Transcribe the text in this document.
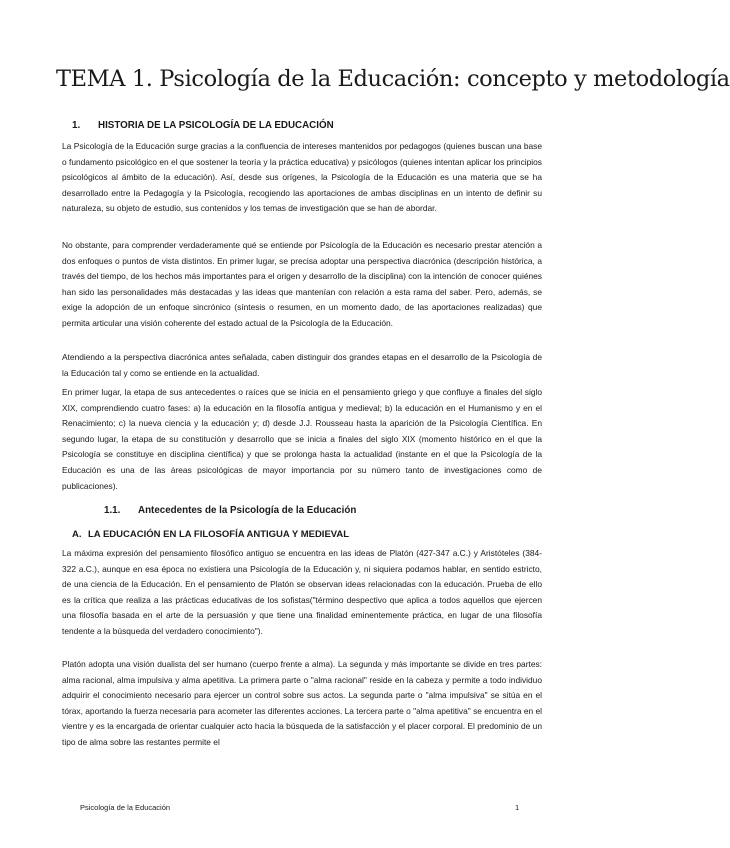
TEMA 1. Psicología de la Educación: concepto y metodología
1. HISTORIA DE LA PSICOLOGÍA DE LA EDUCACIÓN

La Psicología de la Educación surge gracias a la confluencia de intereses mantenidos por pedagogos (quienes buscan una base o fundamento psicológico en el que sostener la teoría y la práctica educativa) y psicólogos (quienes intentan aplicar los principios psicológicos al ámbito de la educación). Así, desde sus orígenes, la Psicología de la Educación es una materia que se ha desarrollado entre la Pedagogía y la Psicología, recogiendo las aportaciones de ambas disciplinas en un intento de definir su naturaleza, su objeto de estudio, sus contenidos y los temas de investigación que se han de abordar.

No obstante, para comprender verdaderamente qué se entiende por Psicología de la Educación es necesario prestar atención a dos enfoques o puntos de vista distintos. En primer lugar, se precisa adoptar una perspectiva diacrónica (descripción histórica, a través del tiempo, de los hechos más importantes para el origen y desarrollo de la disciplina) con la intención de conocer quiénes han sido las personalidades más destacadas y las ideas que mantenían con relación a esta rama del saber. Pero, además, se exige la adopción de un enfoque sincrónico (síntesis o resumen, en un momento dado, de las aportaciones realizadas) que permita articular una visión coherente del estado actual de la Psicología de la Educación.

Atendiendo a la perspectiva diacrónica antes señalada, caben distinguir dos grandes etapas en el desarrollo de la Psicología de la Educación tal y como se entiende en la actualidad.

En primer lugar, la etapa de sus antecedentes o raíces que se inicia en el pensamiento griego y que confluye a finales del siglo XIX, comprendiendo cuatro fases: a) la educación en la filosofía antigua y medieval; b) la educación en el Humanismo y en el Renacimiento; c) la nueva ciencia y la educación y; d) desde J.J. Rousseau hasta la aparición de la Psicología Científica. En segundo lugar, la etapa de su constitución y desarrollo que se inicia a finales del siglo XIX (momento histórico en el que la Psicología se constituye en disciplina científica) y que se prolonga hasta la actualidad (instante en el que la Psicología de la Educación es una de las áreas psicológicas de mayor importancia por su número tanto de investigaciones como de publicaciones).

1.1. Antecedentes de la Psicología de la Educación
A. LA EDUCACIÓN EN LA FILOSOFÍA ANTIGUA Y MEDIEVAL

La máxima expresión del pensamiento filosófico antiguo se encuentra en las ideas de Platón (427-347 a.C.) y Aristóteles (384-322 a.C.), aunque en esa época no existiera una Psicología de la Educación y, ni siquiera podamos hablar, en sentido estricto, de una ciencia de la Educación. En el pensamiento de Platón se observan ideas relacionadas con la educación. Prueba de ello es la crítica que realiza a las prácticas educativas de los sofistas("término despectivo que aplica a todos aquellos que ejercen una filosofía basada en el arte de la persuasión y que tiene una finalidad eminentemente práctica, en lugar de una filosofía tendente a la búsqueda del verdadero conocimiento").

Platón adopta una visión dualista del ser humano (cuerpo frente a alma). La segunda y más importante se divide en tres partes: alma racional, alma impulsiva y alma apetitiva. La primera parte o "alma racional" reside en la cabeza y permite a todo individuo adquirir el conocimiento necesario para ejercer un control sobre sus actos. La segunda parte o "alma impulsiva" se sitúa en el tórax, aportando la fuerza necesaria para acometer las diferentes acciones. La tercera parte o "alma apetitiva" se encuentra en el vientre y es la encargada de orientar cualquier acto hacia la búsqueda de la satisfacción y el placer corporal. El predominio de un tipo de alma sobre las restantes permite el

Psicología de la Educación	1
